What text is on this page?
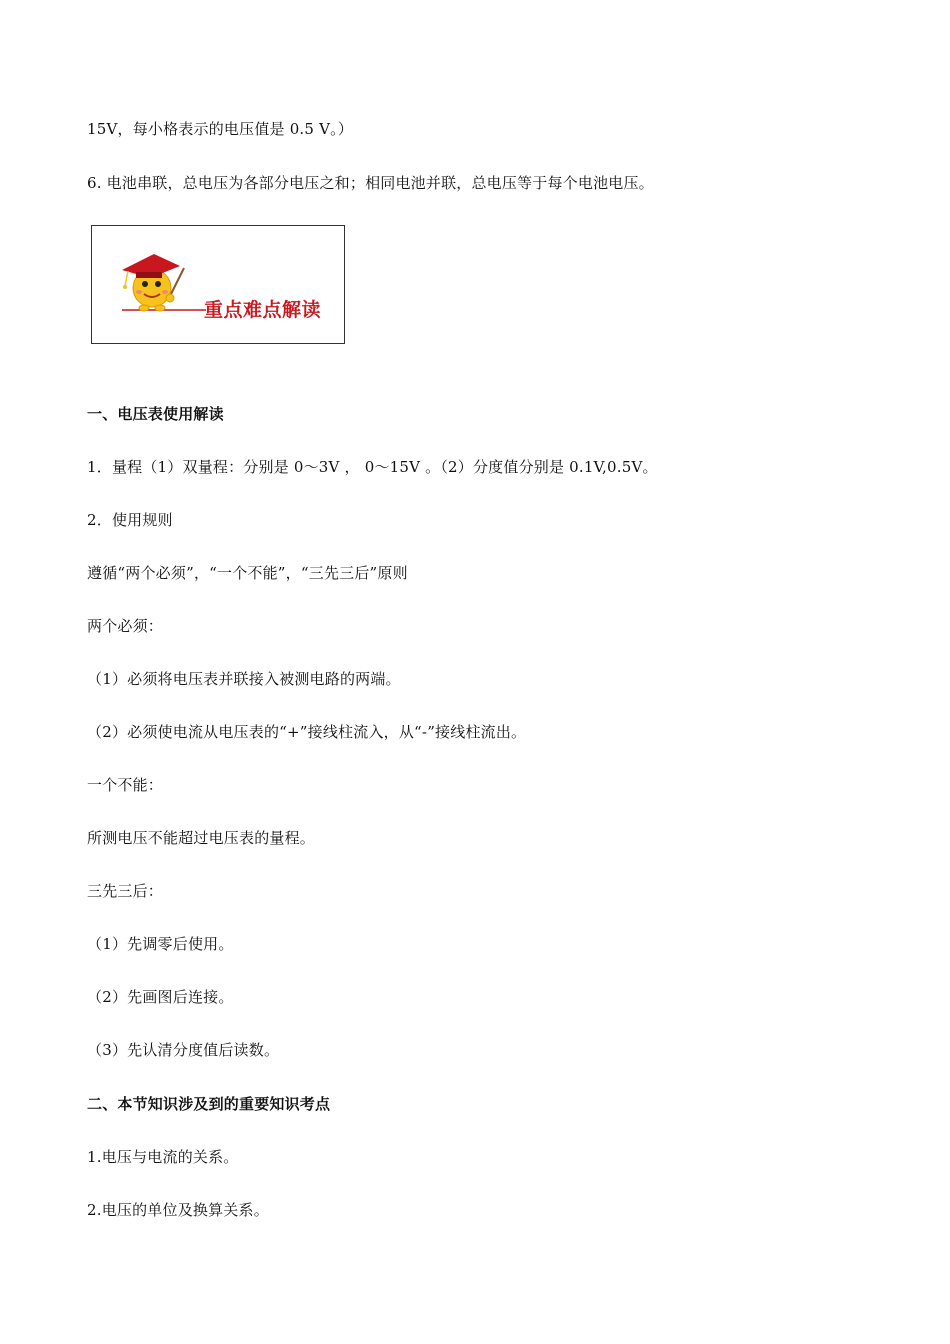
15V，每小格表示的电压值是 0.5 V。）
6. 电池串联，总电压为各部分电压之和；相同电池并联，总电压等于每个电池电压。
重点难点解读
一、电压表使用解读
1．量程（1）双量程：分别是 0～3V ， 0～15V 。（2）分度值分别是 0.1V,0.5V。
2．使用规则
遵循“两个必须”，“一个不能”，“三先三后”原则
两个必须：
（1）必须将电压表并联接入被测电路的两端。
（2）必须使电流从电压表的“+”接线柱流入，从“-”接线柱流出。
一个不能：
所测电压不能超过电压表的量程。
三先三后：
（1）先调零后使用。
（2）先画图后连接。
（3）先认清分度值后读数。
二、本节知识涉及到的重要知识考点
1.电压与电流的关系。
2.电压的单位及换算关系。
